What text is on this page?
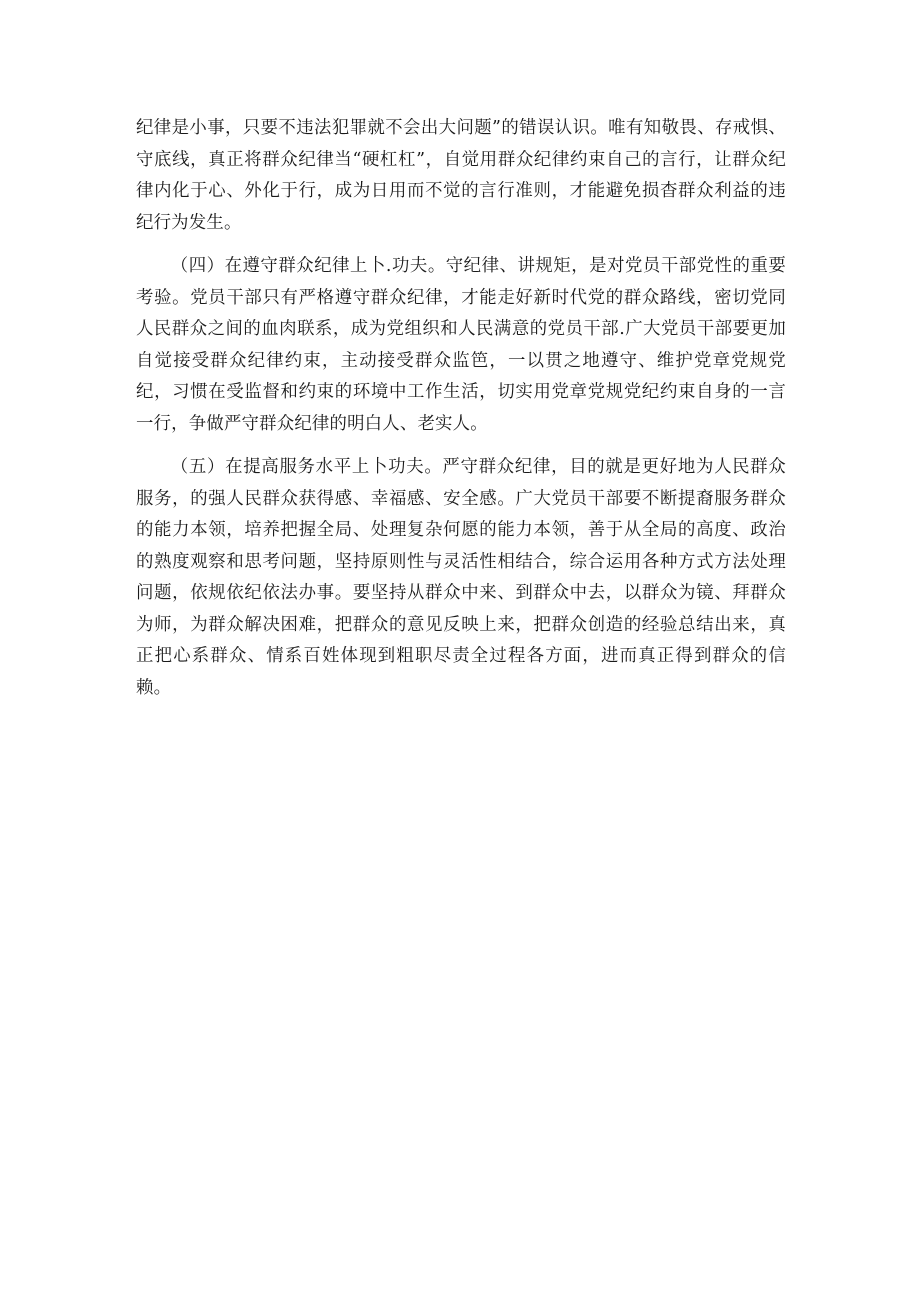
纪律是小事，只要不违法犯罪就不会出大问题”的错误认识。唯有知敬畏、存戒惧、守底线，真正将群众纪律当“硬杠杠”，自觉用群众纪律约束自己的言行，让群众纪律内化于心、外化于行，成为日用而不觉的言行准则，才能避免损杳群众利益的违纪行为发生。

（四）在遵守群众纪律上卜.功夫。守纪律、讲规矩，是对党员干部党性的重要考验。党员干部只有严格遵守群众纪律，才能走好新时代党的群众路线，密切党同人民群众之间的血肉联系，成为党组织和人民满意的党员干部.广大党员干部要更加自觉接受群众纪律约束，主动接受群众监笆，一以贯之地遵守、维护党章党规党纪，习惯在受监督和约束的环境中工作生活，切实用党章党规党纪约束自身的一言一行，争做严守群众纪律的明白人、老实人。

（五）在提高服务水平上卜功夫。严守群众纪律，目的就是更好地为人民群众服务，的强人民群众获得感、幸福感、安全感。广大党员干部要不断提裔服务群众的能力本领，培养把握全局、处理复杂何愿的能力本领，善于从全局的高度、政治的熟度观察和思考问题，坚持原则性与灵活性相结合，综合运用各种方式方法处理问题，依规依纪依法办事。要坚持从群众中来、到群众中去，以群众为镜、拜群众为师，为群众解决困难，把群众的意见反映上来，把群众创造的经验总结出来，真正把心系群众、情系百姓体现到粗职尽责全过程各方面，进而真正得到群众的信赖。
